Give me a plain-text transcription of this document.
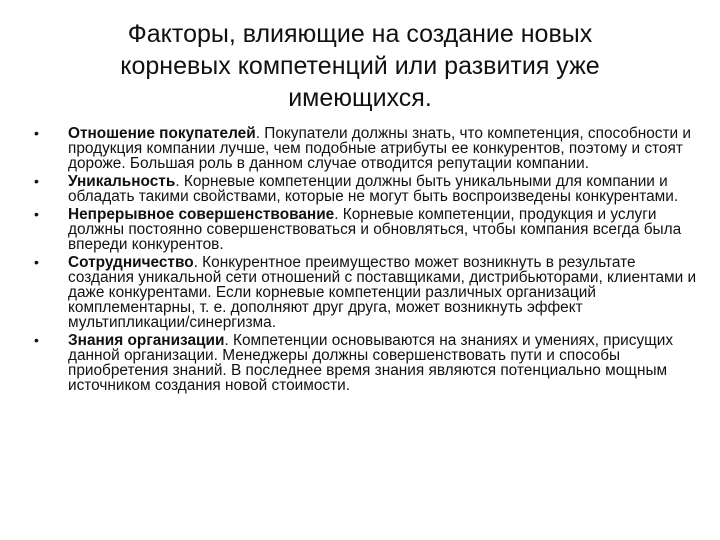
Факторы, влияющие на создание новых
корневых компетенций или развития уже
имеющихся.
•	Отношение покупателей. Покупатели должны знать, что компетенция, способности и продукция компании лучше, чем подобные атрибуты ее конкурентов, поэтому и стоят дороже. Большая роль в данном случае отводится репутации компании.
•	Уникальность. Корневые компетенции должны быть уникальными для компании и обладать такими свойствами, которые не могут быть воспроизведены конкурентами.
•	Непрерывное совершенствование. Корневые компетенции, продукция и услуги должны постоянно совершенствоваться и обновляться, чтобы компания всегда была впереди конкурентов.
•	Сотрудничество. Конкурентное преимущество может возникнуть в результате создания уникальной сети отношений с поставщиками, дистрибьюторами, клиентами и даже конкурентами. Если корневые компетенции различных организаций комплементарны, т. е. дополняют друг друга, может возникнуть эффект мультипликации/синергизма.
•	Знания организации. Компетенции основываются на знаниях и умениях, присущих данной организации. Менеджеры должны совершенствовать пути и способы приобретения знаний. В последнее время знания являются потенциально мощным источником создания новой стоимости.
